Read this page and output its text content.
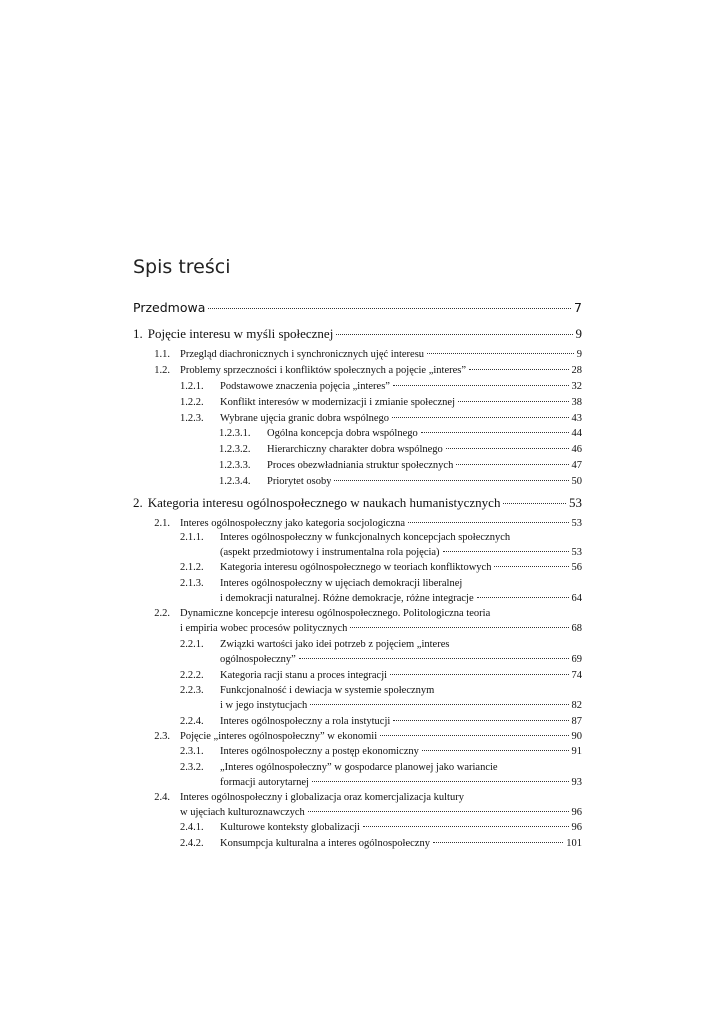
Spis treści
Przedmowa	7
1. Pojęcie interesu w myśli społecznej	9
1.1. Przegląd diachronicznych i synchronicznych ujęć interesu	9
1.2. Problemy sprzeczności i konfliktów społecznych a pojęcie „interes”	28
1.2.1.	Podstawowe znaczenia pojęcia „interes”	32
1.2.2.	Konflikt interesów w modernizacji i zmianie społecznej	38
1.2.3.	Wybrane ujęcia granic dobra wspólnego	43
1.2.3.1.	Ogólna koncepcja dobra wspólnego	44
1.2.3.2.	Hierarchiczny charakter dobra wspólnego	46
1.2.3.3.	Proces obezwładniania struktur społecznych	47
1.2.3.4.	Priorytet osoby	50
2. Kategoria interesu ogólnospołecznego w naukach humanistycznych	53
2.1. Interes ogólnospołeczny jako kategoria socjologiczna	53
2.1.1. Interes ogólnospołeczny w funkcjonalnych koncepcjach społecznych
(aspekt przedmiotowy i instrumentalna rola pojęcia)	53
2.1.2.	Kategoria interesu ogólnospołecznego w teoriach konfliktowych	56
2.1.3. Interes ogólnospołeczny w ujęciach demokracji liberalnej
i demokracji naturalnej. Różne demokracje, różne integracje	64
2.2. Dynamiczne koncepcje interesu ogólnospołecznego. Politologiczna teoria
i empiria wobec procesów politycznych	68
2.2.1. Związki wartości jako idei potrzeb z pojęciem „interes
ogólnospołeczny”	69
2.2.2.	Kategoria racji stanu a proces integracji	74
2.2.3. Funkcjonalność i dewiacja w systemie społecznym
i w jego instytucjach	82
2.2.4.	Interes ogólnospołeczny a rola instytucji	87
2.3. Pojęcie „interes ogólnospołeczny” w ekonomii	90
2.3.1.	Interes ogólnospołeczny a postęp ekonomiczny	91
2.3.2. „Interes ogólnospołeczny” w gospodarce planowej jako wariancie
formacji autorytarnej	93
2.4. Interes ogólnospołeczny i globalizacja oraz komercjalizacja kultury
w ujęciach kulturoznawczych	96
2.4.1.	Kulturowe konteksty globalizacji	96
2.4.2.	Konsumpcja kulturalna a interes ogólnospołeczny	101
